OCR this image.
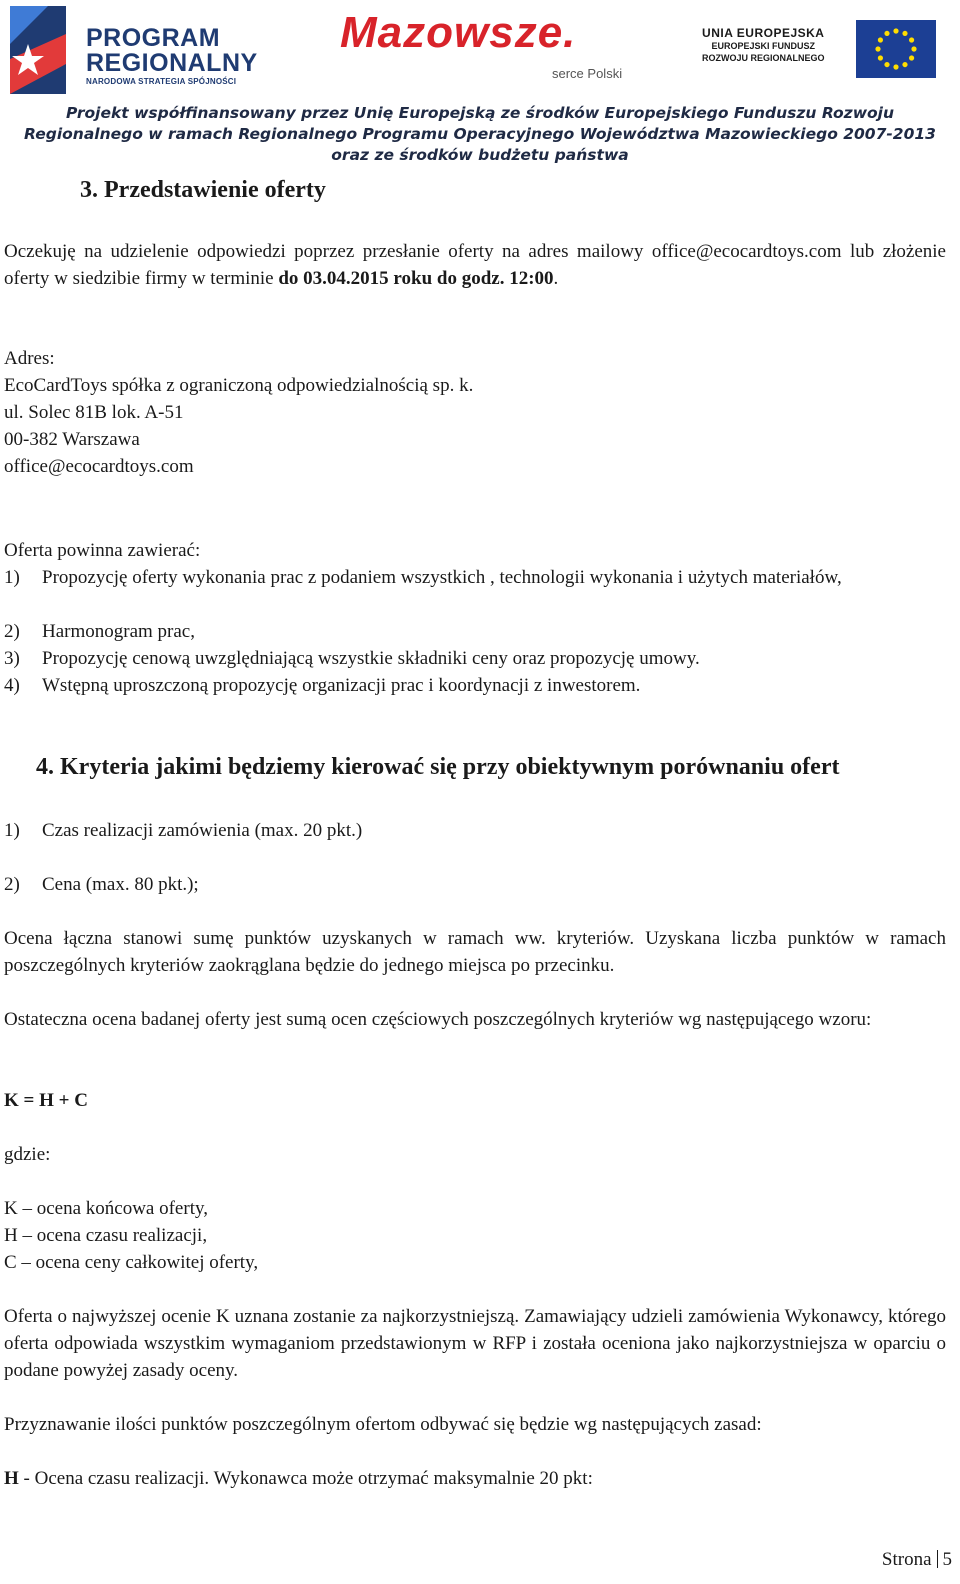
PROGRAM
REGIONALNY
NARODOWA STRATEGIA SPÓJNOŚCI
Mazowsze.
serce Polski
UNIA EUROPEJSKA
EUROPEJSKI FUNDUSZ
ROZWOJU REGIONALNEGO
Projekt współfinansowany przez Unię Europejską ze środków Europejskiego Funduszu Rozwoju
Regionalnego w ramach Regionalnego Programu Operacyjnego Województwa Mazowieckiego 2007-2013
oraz ze środków budżetu państwa
3. Przedstawienie oferty
Oczekuję na udzielenie odpowiedzi poprzez przesłanie oferty na adres mailowy office@ecocardtoys.com lub złożenie oferty w siedzibie firmy w terminie do 03.04.2015 roku do godz. 12:00.
Adres:
EcoCardToys spółka z ograniczoną odpowiedzialnością sp. k.
ul. Solec 81B lok. A-51
00-382 Warszawa
office@ecocardtoys.com
Oferta powinna zawierać:
1) Propozycję oferty wykonania prac z podaniem wszystkich , technologii wykonania i użytych materiałów,
2) Harmonogram prac,
3) Propozycję cenową uwzględniającą wszystkie składniki ceny oraz propozycję umowy.
4) Wstępną uproszczoną propozycję organizacji prac i koordynacji z inwestorem.
4. Kryteria jakimi będziemy kierować się przy obiektywnym porównaniu ofert
1) Czas realizacji zamówienia (max. 20 pkt.)
2) Cena (max. 80 pkt.);
Ocena łączna stanowi sumę punktów uzyskanych w ramach ww. kryteriów. Uzyskana liczba punktów w ramach poszczególnych kryteriów zaokrąglana będzie do jednego miejsca po przecinku.
Ostateczna ocena badanej oferty jest sumą ocen częściowych poszczególnych kryteriów wg następującego wzoru:
K = H + C
gdzie:
K – ocena końcowa oferty,
H – ocena czasu realizacji,
C – ocena ceny całkowitej oferty,
Oferta o najwyższej ocenie K uznana zostanie za najkorzystniejszą. Zamawiający udzieli zamówienia Wykonawcy, którego oferta odpowiada wszystkim wymaganiom przedstawionym w RFP i została oceniona jako najkorzystniejsza w oparciu o podane powyżej zasady oceny.
Przyznawanie ilości punktów poszczególnym ofertom odbywać się będzie wg następujących zasad:
H - Ocena czasu realizacji. Wykonawca może otrzymać maksymalnie 20 pkt:
Strona 5
